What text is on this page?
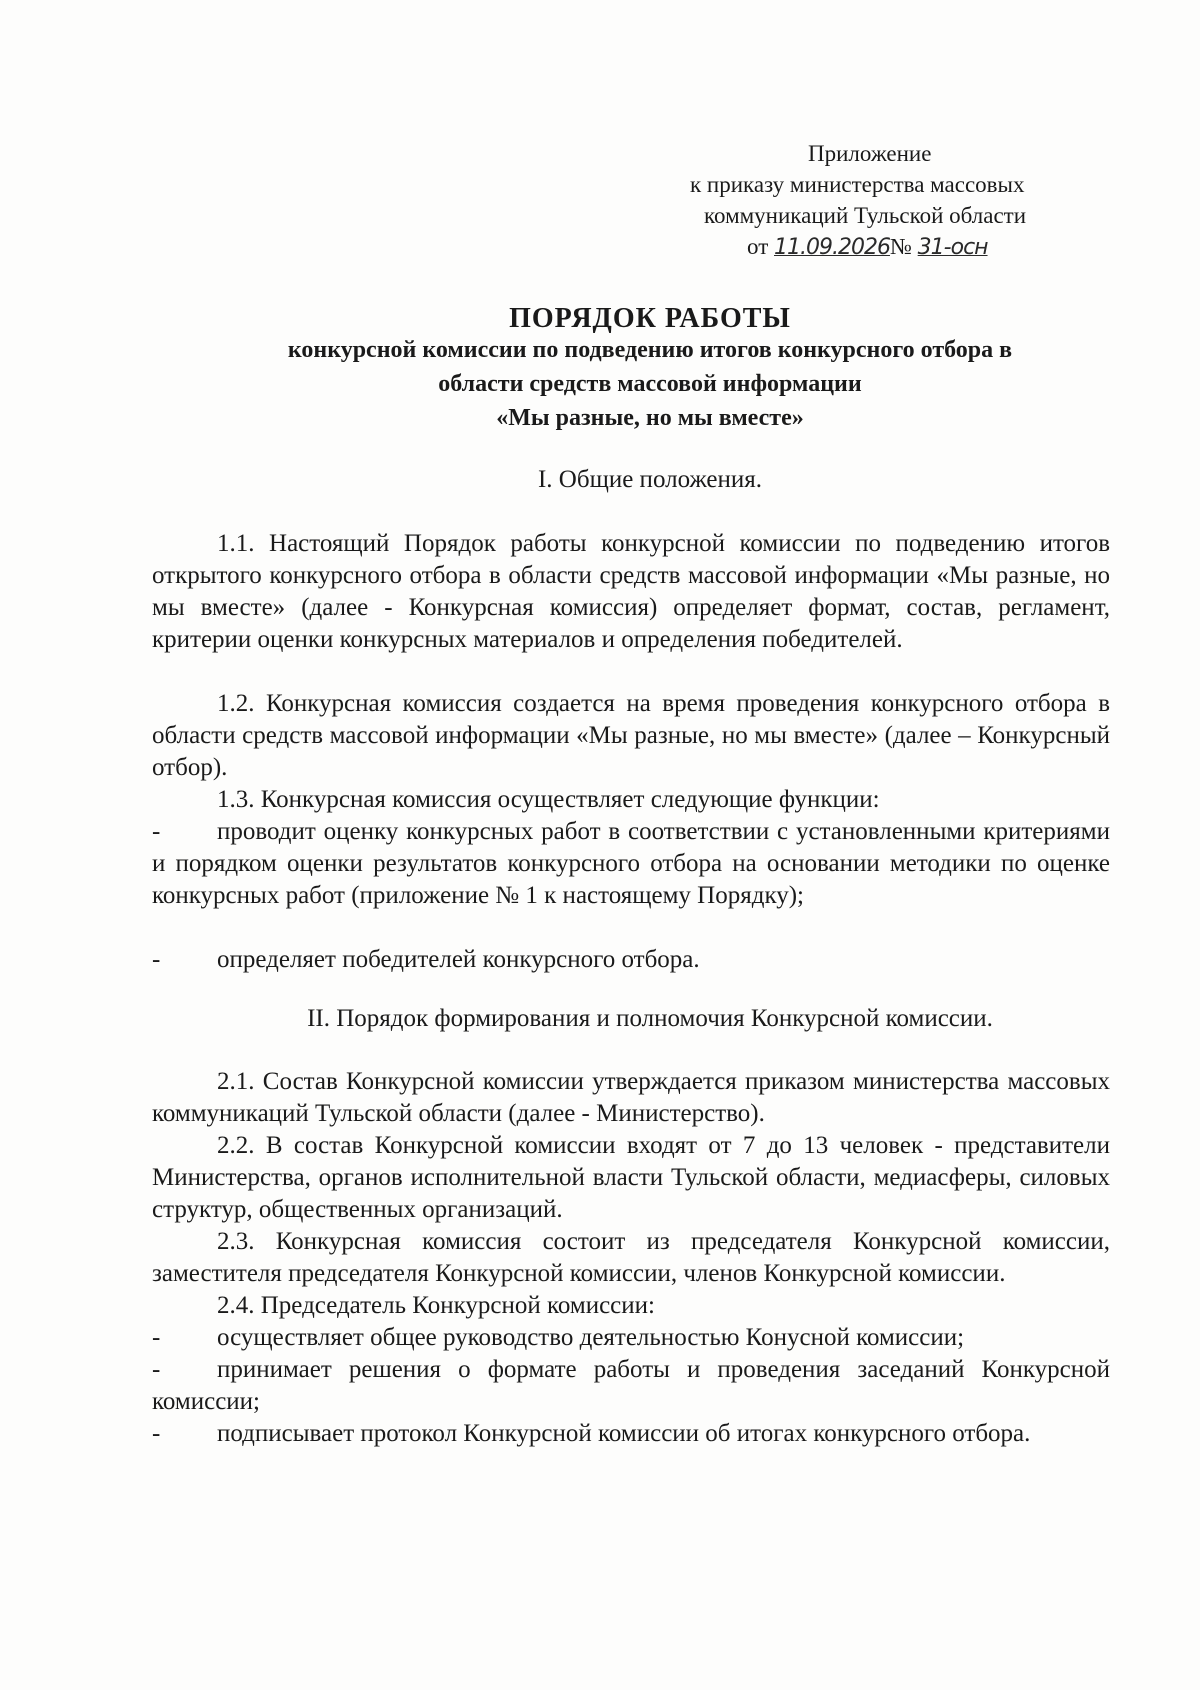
Приложение
к приказу министерства массовых
коммуникаций Тульской области
от 11.09.2026№ 31-осн
ПОРЯДОК РАБОТЫ
конкурсной комиссии по подведению итогов конкурсного отбора в
области средств массовой информации
«Мы разные, но мы вместе»
I. Общие положения.

1.1. Настоящий Порядок работы конкурсной комиссии по подведению итогов открытого конкурсного отбора в области средств массовой информации «Мы разные, но мы вместе» (далее - Конкурсная комиссия) определяет формат, состав, регламент, критерии оценки конкурсных материалов и определения победителей.

1.2. Конкурсная комиссия создается на время проведения конкурсного отбора в области средств массовой информации «Мы разные, но мы вместе» (далее – Конкурсный отбор).

1.3. Конкурсная комиссия осуществляет следующие функции:

- проводит оценку конкурсных работ в соответствии с установленными критериями и порядком оценки результатов конкурсного отбора на основании методики по оценке конкурсных работ (приложение № 1 к настоящему Порядку);
- определяет победителей конкурсного отбора.
II. Порядок формирования и полномочия Конкурсной комиссии.

2.1. Состав Конкурсной комиссии утверждается приказом министерства массовых коммуникаций Тульской области (далее - Министерство).

2.2. В состав Конкурсной комиссии входят от 7 до 13 человек - представители Министерства, органов исполнительной власти Тульской области, медиасферы, силовых структур, общественных организаций.

2.3. Конкурсная комиссия состоит из председателя Конкурсной комиссии, заместителя председателя Конкурсной комиссии, членов Конкурсной комиссии.

2.4. Председатель Конкурсной комиссии:

- осуществляет общее руководство деятельностью Конусной комиссии;
- принимает решения о формате работы и проведения заседаний Конкурсной комиссии;
- подписывает протокол Конкурсной комиссии об итогах конкурсного отбора.
